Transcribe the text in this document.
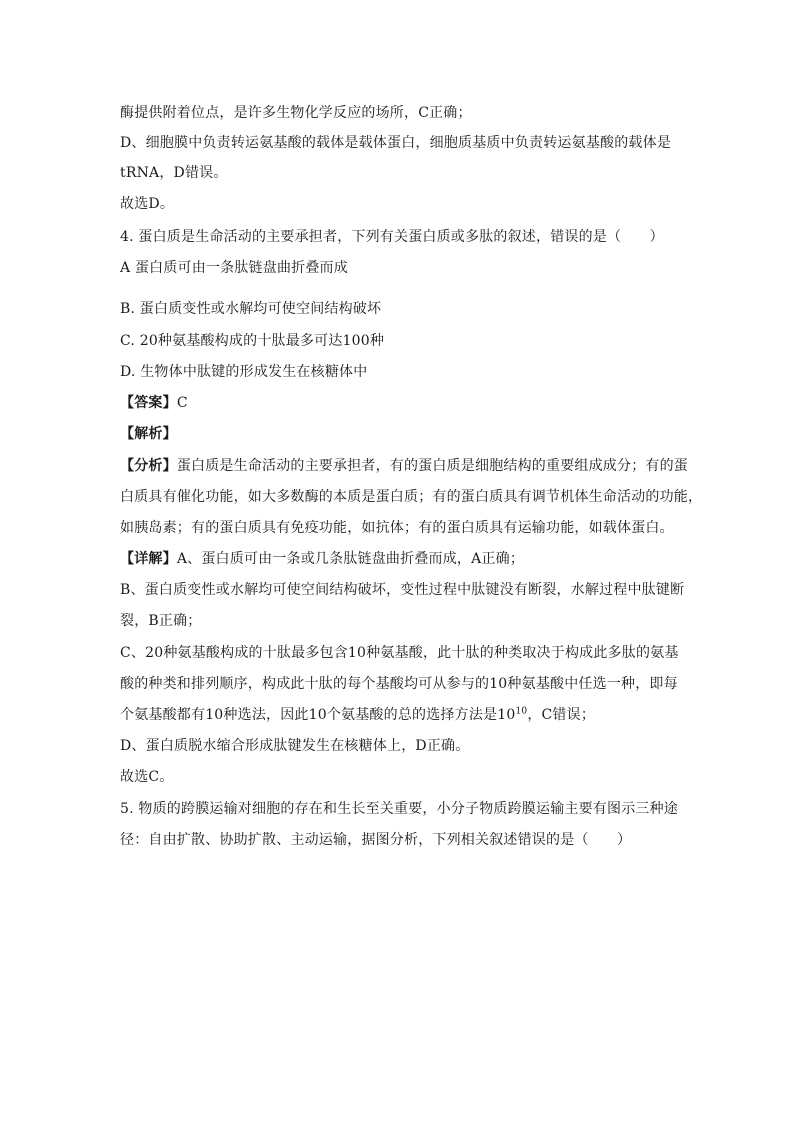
酶提供附着位点，是许多生物化学反应的场所，C正确；
D、细胞膜中负责转运氨基酸的载体是载体蛋白，细胞质基质中负责转运氨基酸的载体是
tRNA，D错误。
故选D。
4. 蛋白质是生命活动的主要承担者，下列有关蛋白质或多肽的叙述，错误的是（　　）
A 蛋白质可由一条肽链盘曲折叠而成
B. 蛋白质变性或水解均可使空间结构破坏
C. 20种氨基酸构成的十肽最多可达100种
D. 生物体中肽键的形成发生在核糖体中
【答案】C
【解析】
【分析】蛋白质是生命活动的主要承担者，有的蛋白质是细胞结构的重要组成成分；有的蛋
白质具有催化功能，如大多数酶的本质是蛋白质；有的蛋白质具有调节机体生命活动的功能，
如胰岛素；有的蛋白质具有免疫功能，如抗体；有的蛋白质具有运输功能，如载体蛋白。
【详解】A、蛋白质可由一条或几条肽链盘曲折叠而成，A正确；
B、蛋白质变性或水解均可使空间结构破坏，变性过程中肽键没有断裂，水解过程中肽键断
裂，B正确；
C、20种氨基酸构成的十肽最多包含10种氨基酸，此十肽的种类取决于构成此多肽的氨基
酸的种类和排列顺序，构成此十肽的每个基酸均可从参与的10种氨基酸中任选一种，即每
个氨基酸都有10种选法，因此10个氨基酸的总的选择方法是$10^{10}$，C错误；
D、蛋白质脱水缩合形成肽键发生在核糖体上，D正确。
故选C。
5. 物质的跨膜运输对细胞的存在和生长至关重要，小分子物质跨膜运输主要有图示三种途
径：自由扩散、协助扩散、主动运输，据图分析，下列相关叙述错误的是（　　）
